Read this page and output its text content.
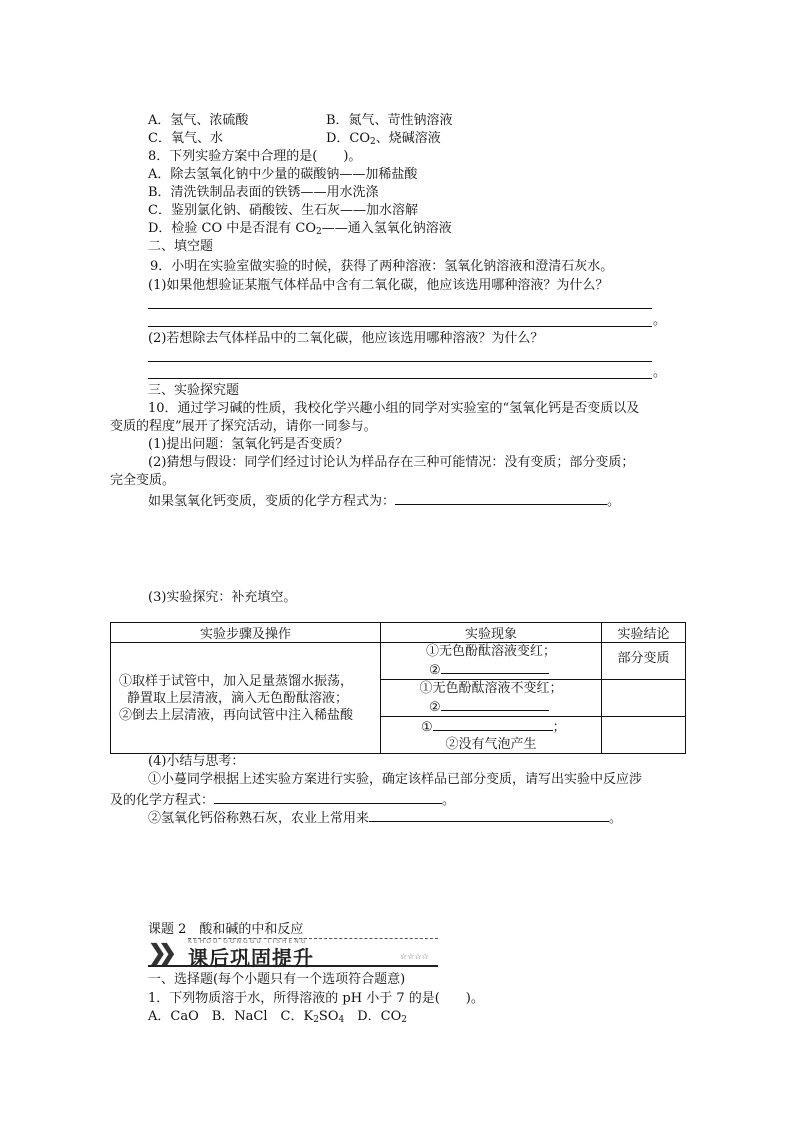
A．氢气、浓硫酸	B．氮气、苛性钠溶液
C．氧气、水	D．$CO_2$、烧碱溶液
8．下列实验方案中合理的是(　　)。
A．除去氢氧化钠中少量的碳酸钠——加稀盐酸
B．清洗铁制品表面的铁锈——用水洗涤
C．鉴别氯化钠、硝酸铵、生石灰——加水溶解
D．检验 CO 中是否混有 $CO_2——$通入氢氧化钠溶液
二、填空题
9．小明在实验室做实验的时候，获得了两种溶液：氢氧化钠溶液和澄清石灰水。
(1)如果他想验证某瓶气体样品中含有二氧化碳，他应该选用哪种溶液？为什么？
。
(2)若想除去气体样品中的二氧化碳，他应该选用哪种溶液？为什么？
。
三、实验探究题
10．通过学习碱的性质，我校化学兴趣小组的同学对实验室的“氢氧化钙是否变质以及
变质的程度”展开了探究活动，请你一同参与。
(1)提出问题：氢氧化钙是否变质？
(2)猜想与假设：同学们经过讨论认为样品存在三种可能情况：没有变质；部分变质；
完全变质。
如果氢氧化钙变质，变质的化学方程式为：	。
(3)实验探究：补充填空。
实验步骤及操作	实验现象	实验结论

①取样于试管中，加入足量蒸馏水振荡，
静置取上层清液，滴入无色酚酞溶液；
②倒去上层清液，再向试管中注入稀盐酸	①无色酚酞溶液变红；
②	部分变质

	①无色酚酞溶液不变红；
②	

	① ；
②没有气泡产生	

(4)小结与思考：
①小蔓同学根据上述实验方案进行实验，确定该样品已部分变质，请写出实验中反应涉
及的化学方程式：	。
②氢氧化钙俗称熟石灰，农业上常用来	。
课题 2　酸和碱的中和反应
❯❯	KEHOU GONGGU TISHENG
课后巩固提升	☆☆☆☆
一、选择题(每个小题只有一个选项符合题意)
1．下列物质溶于水，所得溶液的 pH 小于 7 的是(　　)。
A．CaO　B．NaCl　C．$K_2SO_4$　D．$CO_2$
